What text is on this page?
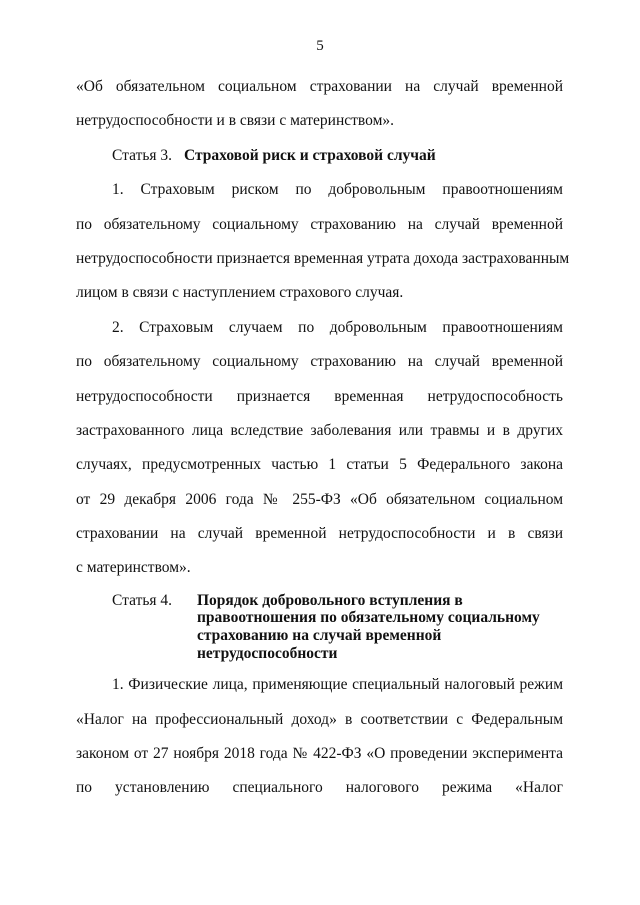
5
«Об обязательном социальном страховании на случай временной
нетрудоспособности и в связи с материнством».
Статья 3. Страховой риск и страховой случай
1. Страховым риском по добровольным правоотношениям
по обязательному социальному страхованию на случай временной
нетрудоспособности признается временная утрата дохода застрахованным
лицом в связи с наступлением страхового случая.
2. Страховым случаем по добровольным правоотношениям
по обязательному социальному страхованию на случай временной
нетрудоспособности признается временная нетрудоспособность
застрахованного лица вследствие заболевания или травмы и в других
случаях, предусмотренных частью 1 статьи 5 Федерального закона
от 29 декабря 2006 года № 255-ФЗ «Об обязательном социальном
страховании на случай временной нетрудоспособности и в связи
с материнством».
Статья 4.	Порядок добровольного вступления в
правоотношения по обязательному социальному
страхованию на случай временной
нетрудоспособности
1. Физические лица, применяющие специальный налоговый режим
«Налог на профессиональный доход» в соответствии с Федеральным
законом от 27 ноября 2018 года № 422-ФЗ «О проведении эксперимента
по установлению специального налогового режима «Налог
